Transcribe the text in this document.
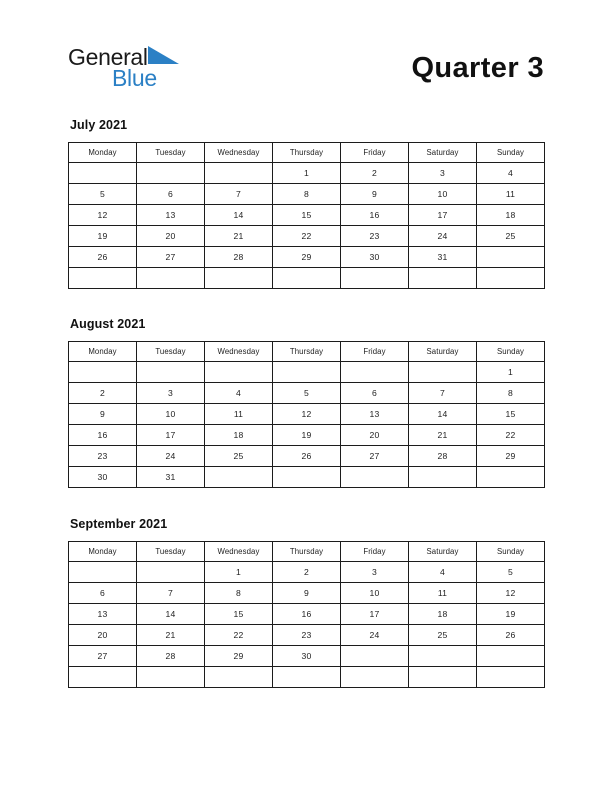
General
Blue	Quarter 3
July 2021
Monday	Tuesday	Wednesday	Thursday	Friday	Saturday	Sunday
			1	2	3	4
5	6	7	8	9	10	11
12	13	14	15	16	17	18
19	20	21	22	23	24	25
26	27	28	29	30	31	

August 2021
Monday	Tuesday	Wednesday	Thursday	Friday	Saturday	Sunday
						1
2	3	4	5	6	7	8
9	10	11	12	13	14	15
16	17	18	19	20	21	22
23	24	25	26	27	28	29
30	31					
September 2021
Monday	Tuesday	Wednesday	Thursday	Friday	Saturday	Sunday
		1	2	3	4	5
6	7	8	9	10	11	12
13	14	15	16	17	18	19
20	21	22	23	24	25	26
27	28	29	30			
